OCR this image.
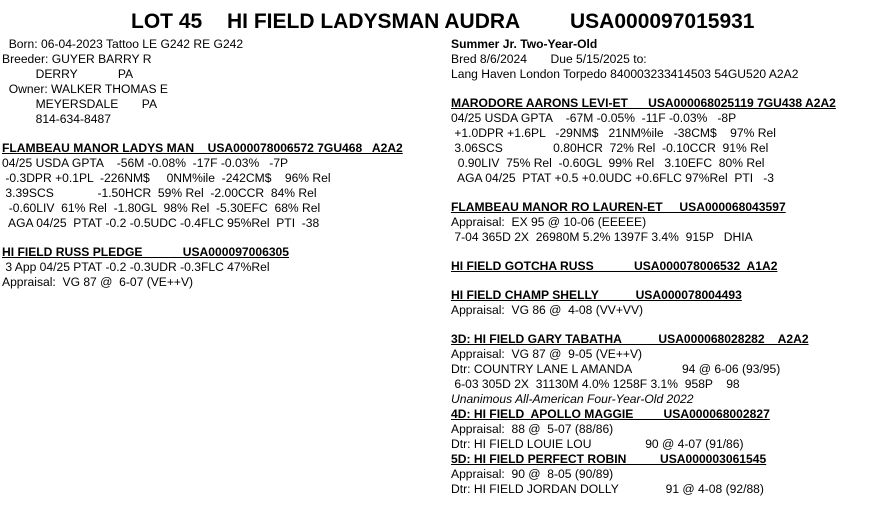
LOT 45 HI FIELD LADYSMAN AUDRA USA000097015931
Born: 06-04-2023 Tattoo LE G242 RE G242
Breeder: GUYER BARRY R
DERRY            PA
Owner: WALKER THOMAS E
MEYERSDALE       PA
814-634-8487
FLAMBEAU MANOR LADYS MAN    USA000078006572 7GU468   A2A2
04/25 USDA GPTA    -56M -0.08%  -17F -0.03%   -7P
-0.3DPR +0.1PL  -226NM$     0NM%ile  -242CM$    96% Rel
3.39SCS             -1.50HCR  59% Rel  -2.00CCR  84% Rel
-0.60LIV  61% Rel  -1.80GL  98% Rel  -5.30EFC  68% Rel
AGA 04/25  PTAT -0.2 -0.5UDC -0.4FLC 95%Rel  PTI  -38
HI FIELD RUSS PLEDGE            USA000097006305
3 App 04/25 PTAT -0.2 -0.3UDR -0.3FLC 47%Rel
Appraisal:  VG 87 @  6-07 (VE++V)
Summer Jr. Two-Year-Old
Bred 8/6/2024       Due 5/15/2025 to:
Lang Haven London Torpedo 840003233414503 54GU520 A2A2
MARODORE AARONS LEVI-ET      USA000068025119 7GU438 A2A2
04/25 USDA GPTA    -67M -0.05%  -11F -0.03%   -8P
+1.0DPR +1.6PL   -29NM$   21NM%ile   -38CM$    97% Rel
3.06SCS               0.80HCR  72% Rel  -0.10CCR  91% Rel
0.90LIV  75% Rel  -0.60GL  99% Rel   3.10EFC  80% Rel
AGA 04/25  PTAT +0.5 +0.0UDC +0.6FLC 97%Rel  PTI   -3
FLAMBEAU MANOR RO LAUREN-ET     USA000068043597
Appraisal:  EX 95 @ 10-06 (EEEEE)
7-04 365D 2X  26980M 5.2% 1397F 3.4%  915P   DHIA
HI FIELD GOTCHA RUSS            USA000078006532  A1A2
HI FIELD CHAMP SHELLY           USA000078004493
Appraisal:  VG 86 @  4-08 (VV+VV)
3D: HI FIELD GARY TABATHA           USA000068028282    A2A2
Appraisal:  VG 87 @  9-05 (VE++V)
Dtr: COUNTRY LANE L AMANDA               94 @ 6-06 (93/95)
6-03 305D 2X  31130M 4.0% 1258F 3.1%  958P    98
Unanimous All-American Four-Year-Old 2022
4D: HI FIELD  APOLLO MAGGIE         USA000068002827
Appraisal:  88 @  5-07 (88/86)
Dtr: HI FIELD LOUIE LOU                90 @ 4-07 (91/86)
5D: HI FIELD PERFECT ROBIN          USA000003061545
Appraisal:  90 @  8-05 (90/89)
Dtr: HI FIELD JORDAN DOLLY              91 @ 4-08 (92/88)
